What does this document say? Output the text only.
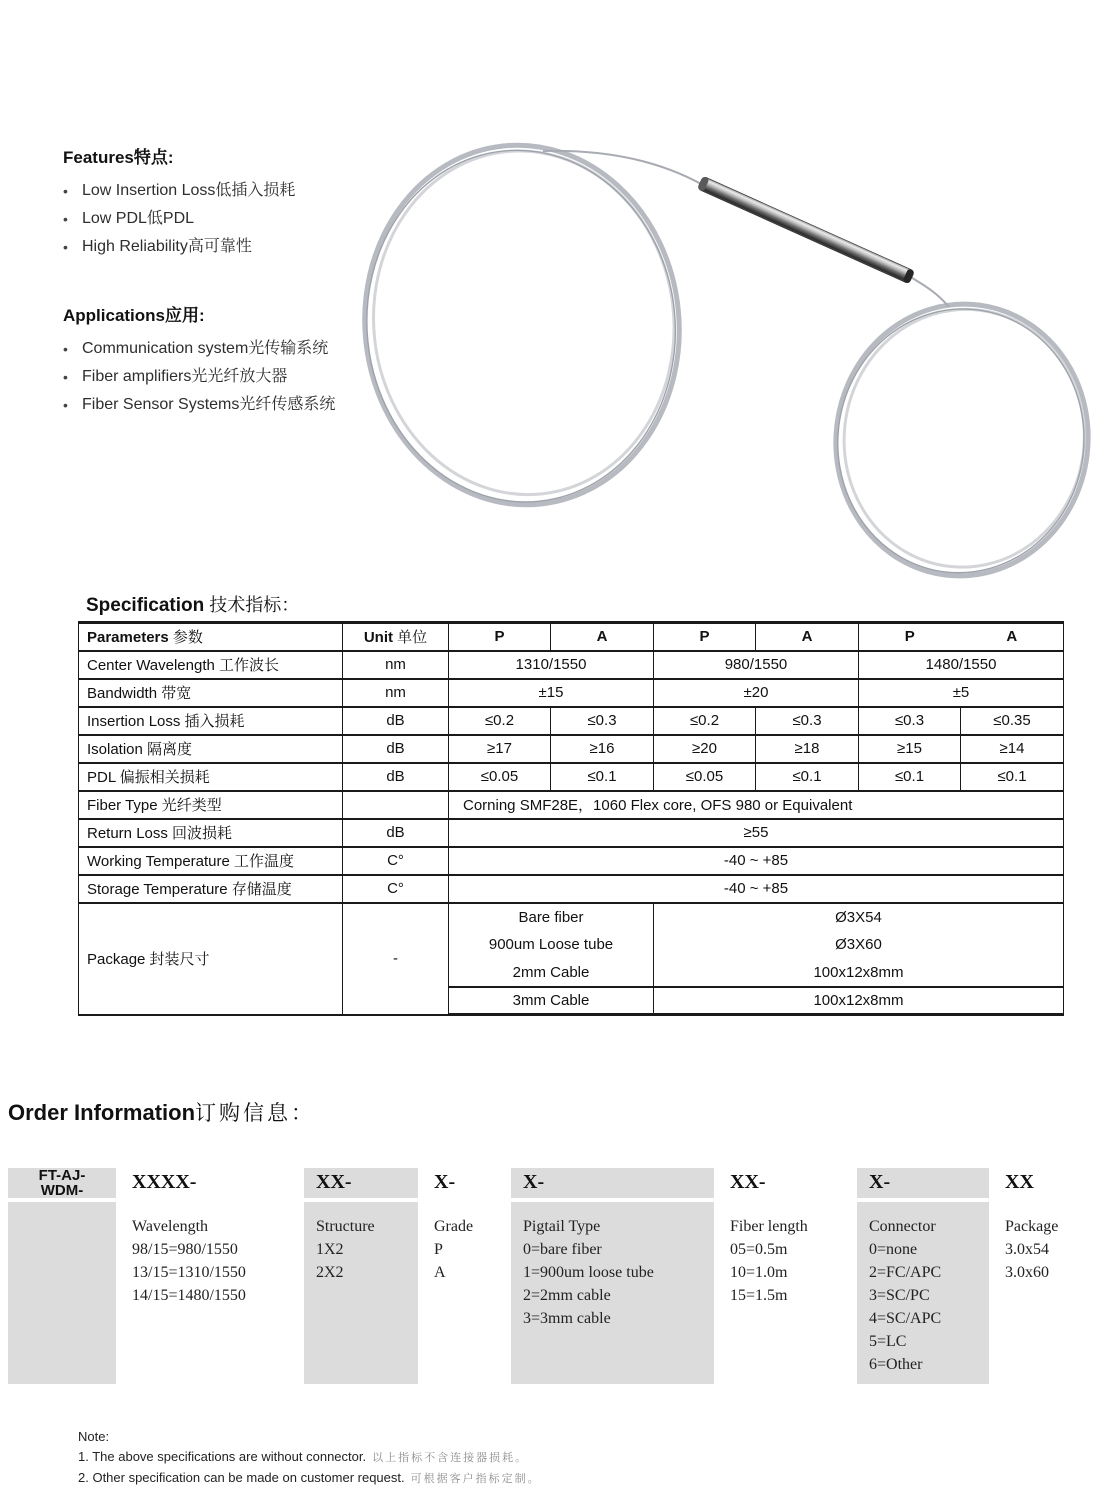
Features特点:
• Low Insertion Loss低插入损耗
• Low PDL低PDL
• High Reliability高可靠性
Applications应用:
• Communication system光传输系统
• Fiber amplifiers光光纤放大器
• Fiber Sensor Systems光纤传感系统
Specification 技术指标：
Parameters 参数	Unit 单位	P	A	P	A	P	A
Center Wavelength 工作波长	nm	1310/1550		980/1550		1480/1550	
Bandwidth 带宽	nm	±15		±20		±5	
Insertion Loss 插入损耗	dB	≤0.2	≤0.3	≤0.2	≤0.3	≤0.3	≤0.35
Isolation 隔离度	dB	≥17	≥16	≥20	≥18	≥15	≥14
PDL 偏振相关损耗	dB	≤0.05	≤0.1	≤0.05	≤0.1	≤0.1	≤0.1
Fiber Type 光纤类型		Corning SMF28E，1060 Flex core, OFS 980 or Equivalent					
Return Loss 回波损耗	dB	≥55					
Working Temperature 工作温度	C°	-40 ~ +85					
Storage Temperature 存储温度	C°	-40 ~ +85					
Package 封装尺寸	-	Bare fiber		Ø3X54			
		900um Loose tube		Ø3X60			
		2mm Cable		100x12x8mm			
		3mm Cable		100x12x8mm			
Order Information订购信息：
FT-AJ-
WDM-	XXXX-
Wavelength
98/15=980/1550
13/15=1310/1550
14/15=1480/1550
XX-
Structure
1X2
2X2
X-
Grade
P
A
X-
Pigtail Type
0=bare fiber
1=900um loose tube
2=2mm cable
3=3mm cable
XX-
Fiber length
05=0.5m
10=1.0m
15=1.5m
X-
Connector
0=none
2=FC/APC
3=SC/PC
4=SC/APC
5=LC
6=Other
XX
Package
3.0x54
3.0x60
Note:
1. The above specifications are without connector. 以上指标不含连接器损耗。
2. Other specification can be made on customer request. 可根据客户指标定制。
